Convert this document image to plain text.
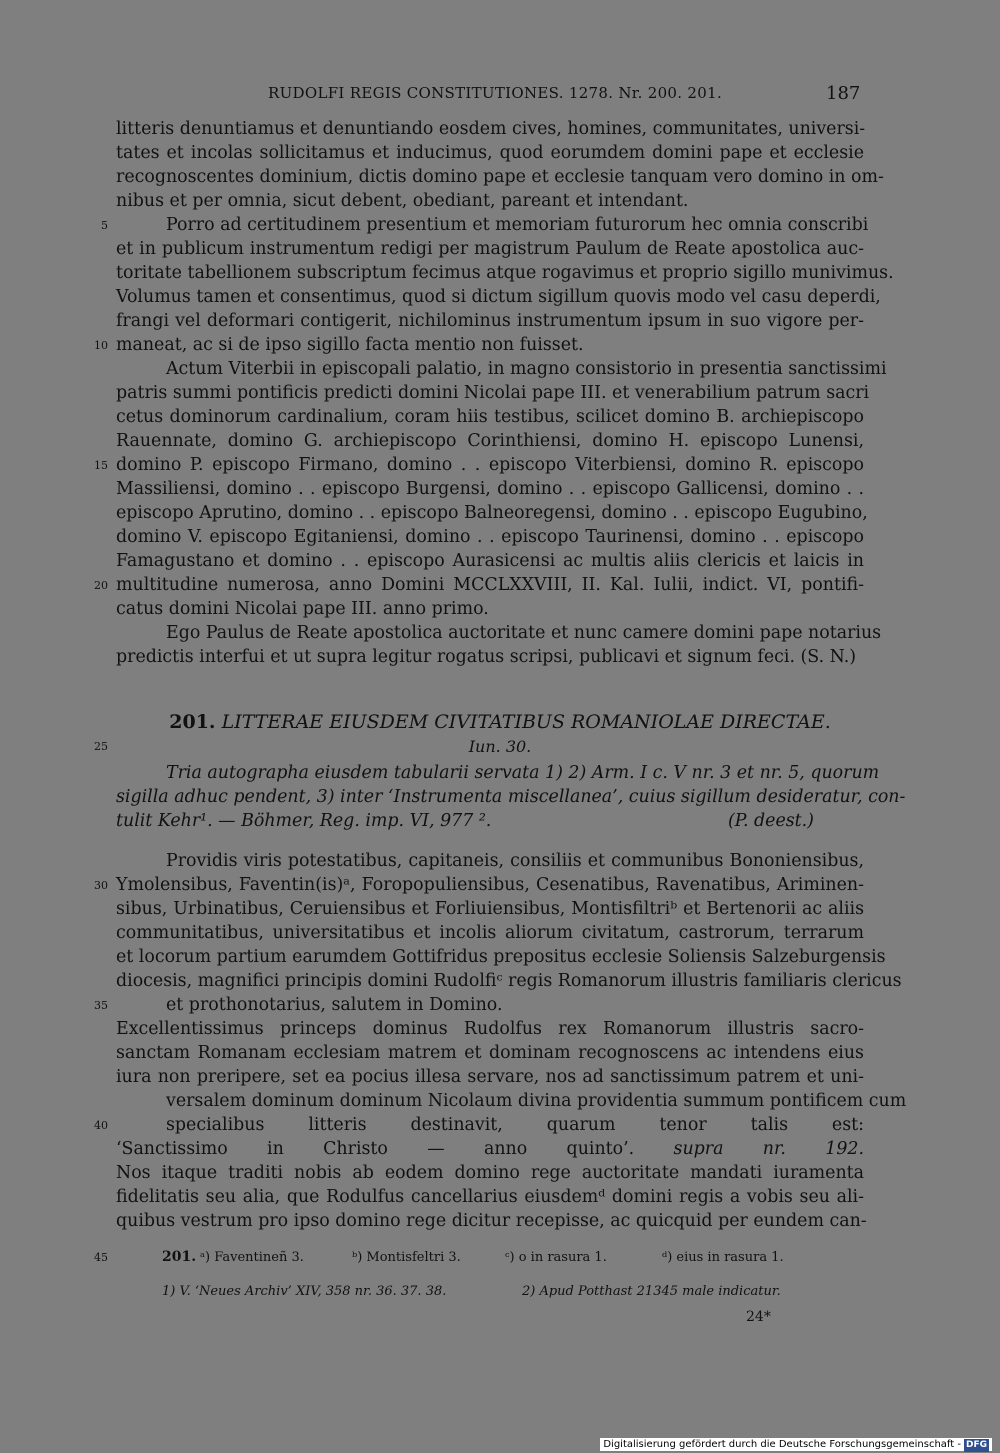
RUDOLFI REGIS CONSTITUTIONES. 1278. Nr. 200. 201.	187
litteris denuntiamus et denuntiando eosdem cives, homines, communitates, universi-
tates et incolas sollicitamus et inducimus, quod eorumdem domini pape et ecclesie
recognoscentes dominium, dictis domino pape et ecclesie tanquam vero domino in om-
nibus et per omnia, sicut debent, obediant, pareant et intendant.
Porro ad certitudinem presentium et memoriam futurorum hec omnia conscribi
5
et in publicum instrumentum redigi per magistrum Paulum de Reate apostolica auc-
toritate tabellionem subscriptum fecimus atque rogavimus et proprio sigillo munivimus.
Volumus tamen et consentimus, quod si dictum sigillum quovis modo vel casu deperdi,
frangi vel deformari contigerit, nichilominus instrumentum ipsum in suo vigore per-
maneat, ac si de ipso sigillo facta mentio non fuisset.
10
Actum Viterbii in episcopali palatio, in magno consistorio in presentia sanctissimi
patris summi pontificis predicti domini Nicolai pape III. et venerabilium patrum sacri
cetus dominorum cardinalium, coram hiis testibus, scilicet domino B. archiepiscopo
Rauennate, domino G. archiepiscopo Corinthiensi, domino H. episcopo Lunensi,
domino P. episcopo Firmano, domino . . episcopo Viterbiensi, domino R. episcopo
15
Massiliensi, domino . . episcopo Burgensi, domino . . episcopo Gallicensi, domino . .
episcopo Aprutino, domino . . episcopo Balneoregensi, domino . . episcopo Eugubino,
domino V. episcopo Egitaniensi, domino . . episcopo Taurinensi, domino . . episcopo
Famagustano et domino . . episcopo Aurasicensi ac multis aliis clericis et laicis in
multitudine numerosa, anno Domini MCCLXXVIII, II. Kal. Iulii, indict. VI, pontifi-
20
catus domini Nicolai pape III. anno primo.
Ego Paulus de Reate apostolica auctoritate et nunc camere domini pape notarius
predictis interfui et ut supra legitur rogatus scripsi, publicavi et signum feci. (S. N.)
201. LITTERAE EIUSDEM CIVITATIBUS ROMANIOLAE DIRECTAE.
25	Iun. 30.
Tria autographa eiusdem tabularii servata 1) 2) Arm. I c. V nr. 3 et nr. 5, quorum
sigilla adhuc pendent, 3) inter ‘Instrumenta miscellanea’, cuius sigillum desideratur, con-
tulit Kehr¹. — Böhmer, Reg. imp. VI, 977 ².	(P. deest.)
Providis viris potestatibus, capitaneis, consiliis et communibus Bononiensibus,
Ymolensibus, Faventin(is)ᵃ, Foropopuliensibus, Cesenatibus, Ravenatibus, Ariminen-
30
sibus, Urbinatibus, Ceruiensibus et Forliuiensibus, Montisfiltriᵇ et Bertenorii ac aliis
communitatibus, universitatibus et incolis aliorum civitatum, castrorum, terrarum
et locorum partium earumdem Gottifridus prepositus ecclesie Soliensis Salzeburgensis
diocesis, magnifici principis domini Rudolfiᶜ regis Romanorum illustris familiaris clericus
et prothonotarius, salutem in Domino.
35
Excellentissimus princeps dominus Rudolfus rex Romanorum illustris sacro-
sanctam Romanam ecclesiam matrem et dominam recognoscens ac intendens eius
iura non preripere, set ea pocius illesa servare, nos ad sanctissimum patrem et uni-
versalem dominum dominum Nicolaum divina providentia summum pontificem cum
specialibus litteris destinavit, quarum tenor talis est:
40
‘Sanctissimo in Christo — anno quinto’. supra nr. 192.
Nos itaque traditi nobis ab eodem domino rege auctoritate mandati iuramenta
fidelitatis seu alia, que Rodulfus cancellarius eiusdemᵈ domini regis a vobis seu ali-
quibus vestrum pro ipso domino rege dicitur recepisse, ac quicquid per eundem can-
45	201. ᵃ) Faventineñ 3.	ᵇ) Montisfeltri 3.	ᶜ) o in rasura 1.	ᵈ) eius in rasura 1.
1) V. ‘Neues Archiv’ XIV, 358 nr. 36. 37. 38.	2) Apud Potthast 21345 male indicatur.
24*
Digitalisierung gefördert durch die Deutsche Forschungsgemeinschaft - DFG
